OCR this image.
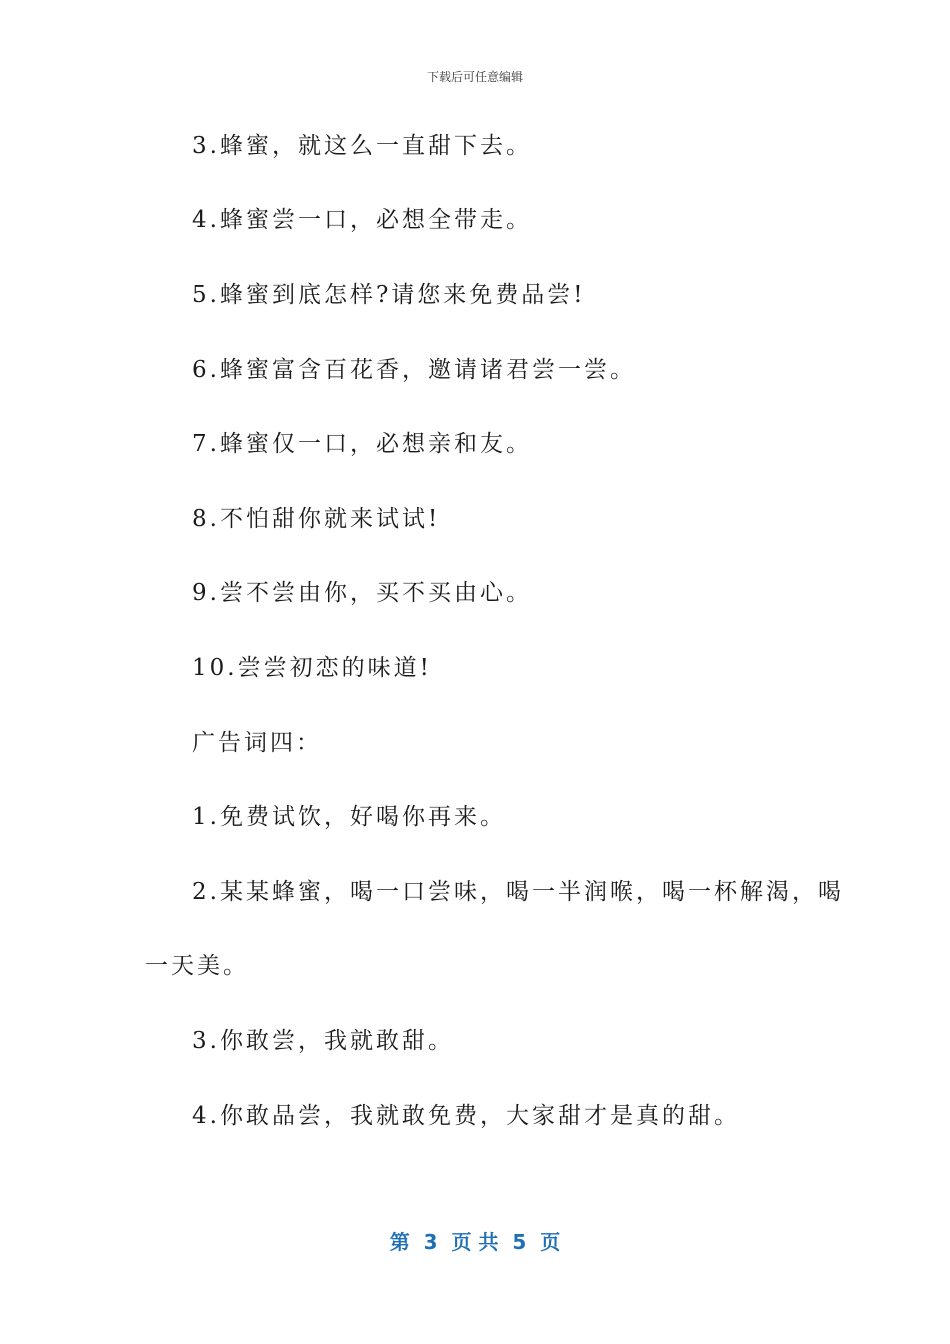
下载后可任意编辑
3.蜂蜜，就这么一直甜下去。
4.蜂蜜尝一口，必想全带走。
5.蜂蜜到底怎样?请您来免费品尝!
6.蜂蜜富含百花香，邀请诸君尝一尝。
7.蜂蜜仅一口，必想亲和友。
8.不怕甜你就来试试!
9.尝不尝由你，买不买由心。
10.尝尝初恋的味道!
广告词四：
1.免费试饮，好喝你再来。
2.某某蜂蜜，喝一口尝味，喝一半润喉，喝一杯解渴，喝
一天美。
3.你敢尝，我就敢甜。
4.你敢品尝，我就敢免费，大家甜才是真的甜。
第  3  页 共  5  页
